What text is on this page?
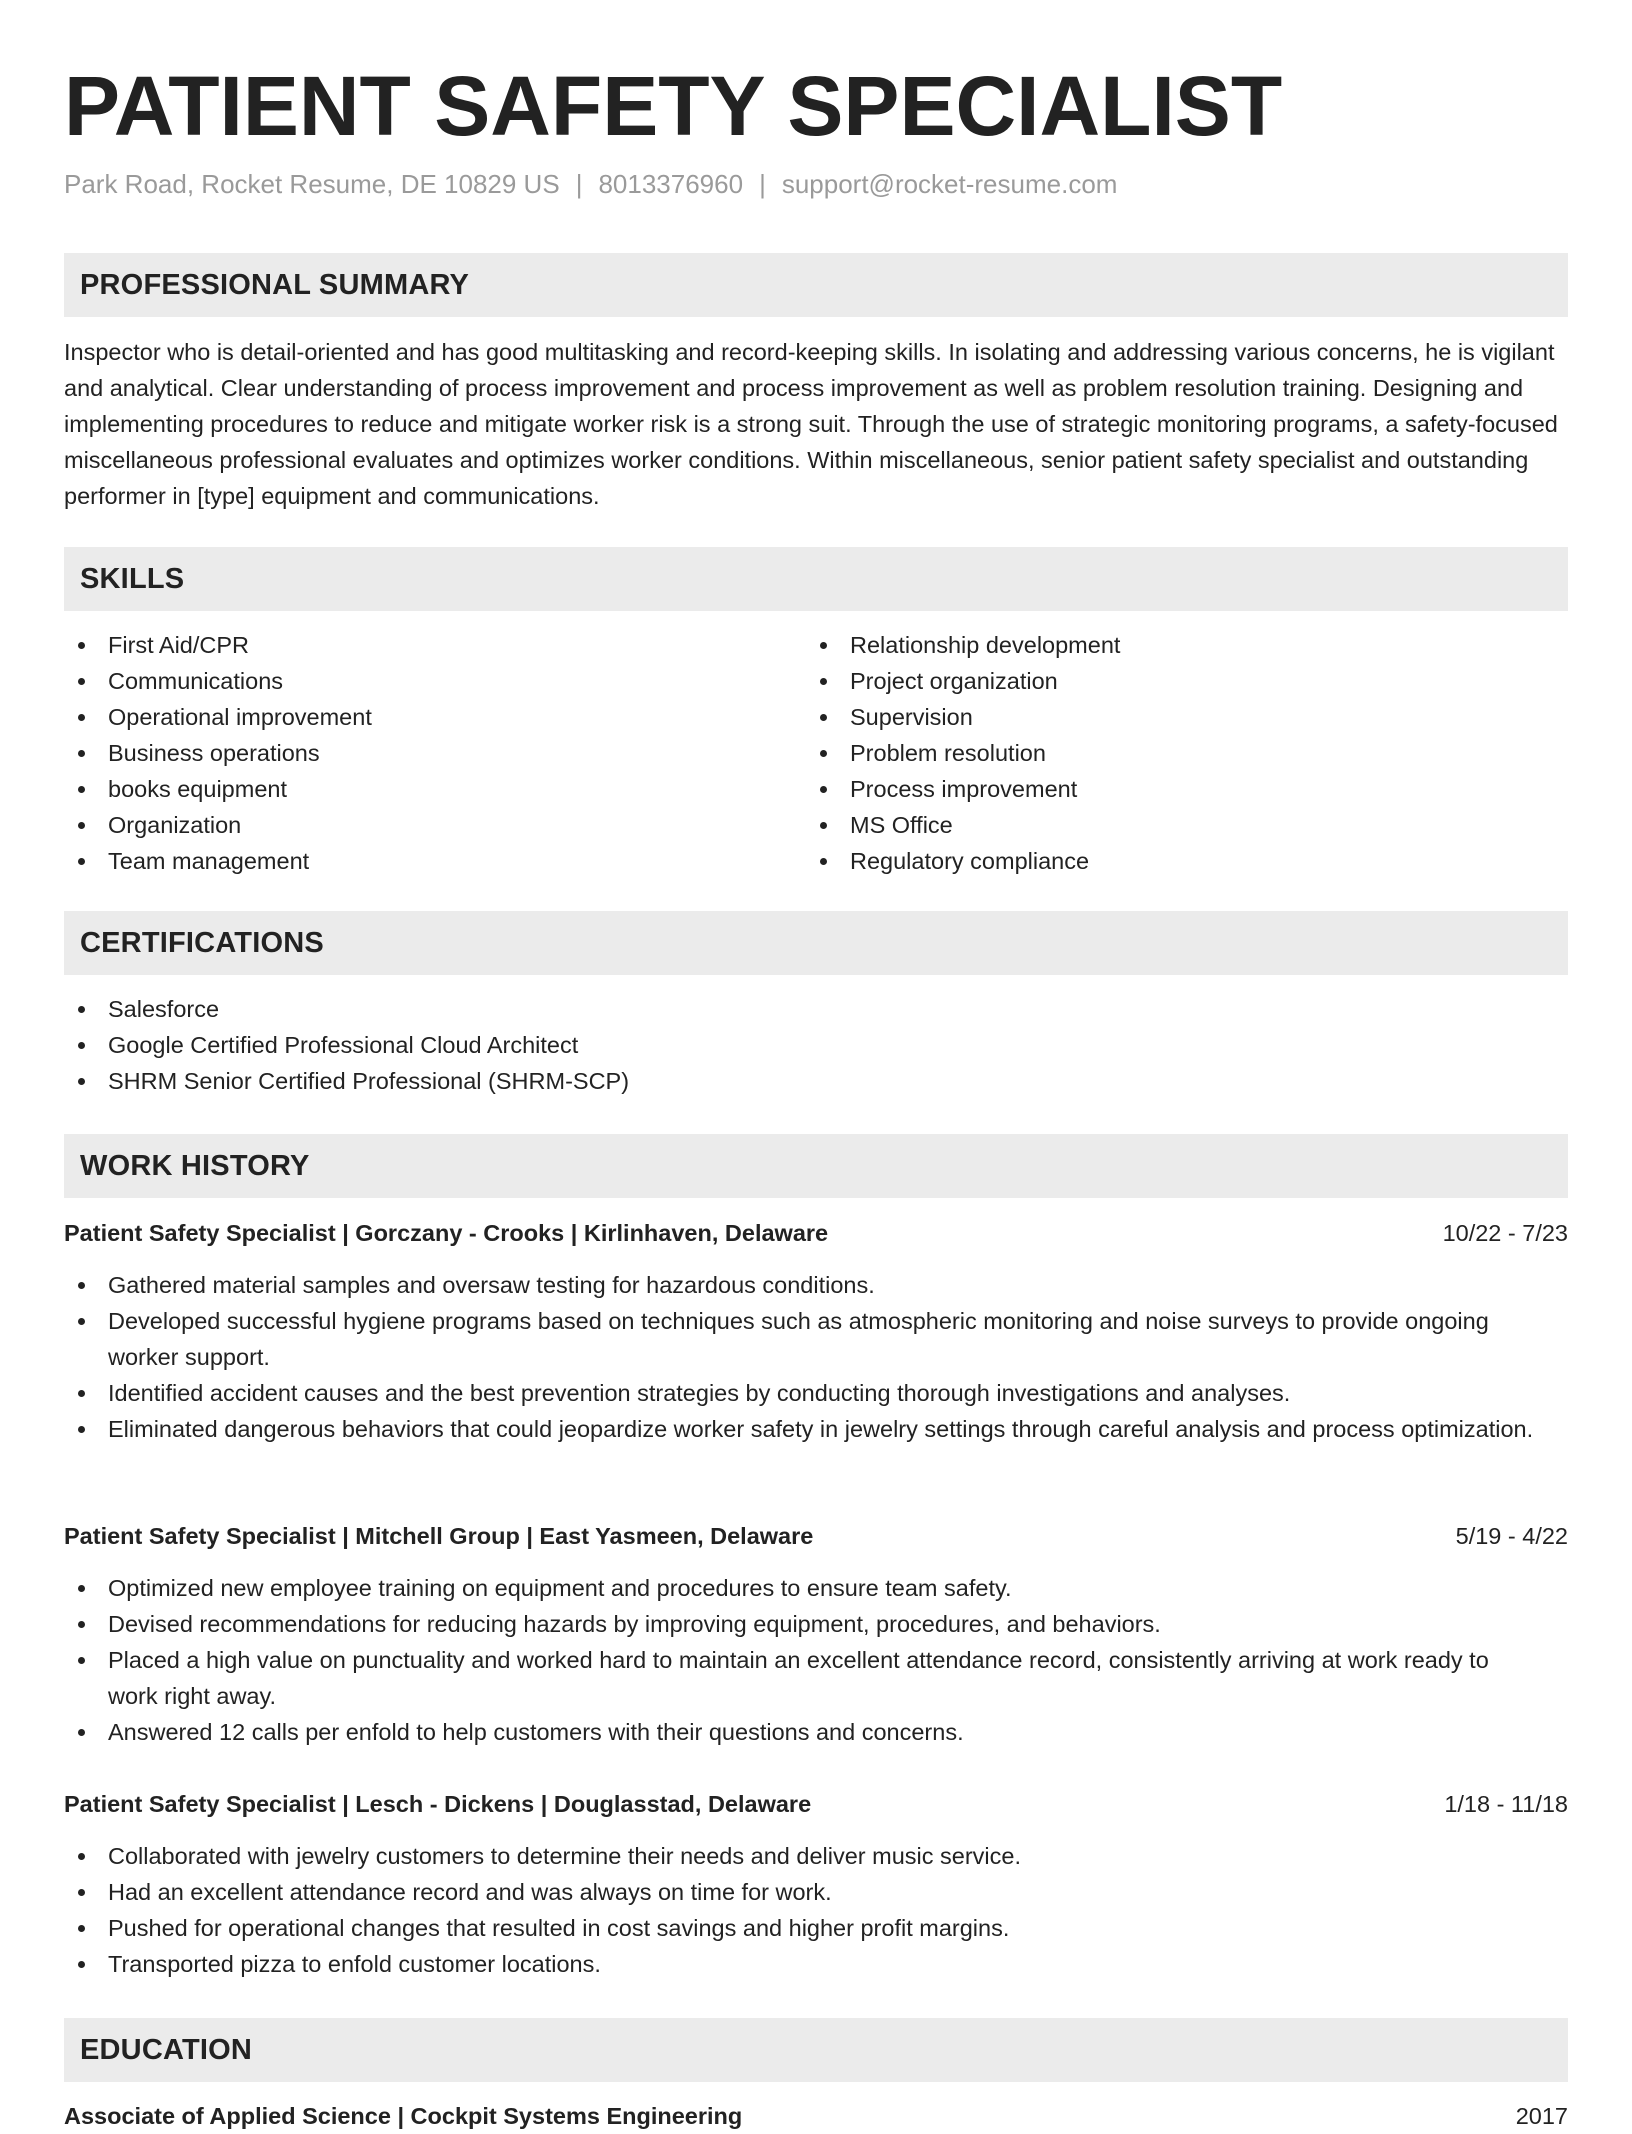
PATIENT SAFETY SPECIALIST
Park Road, Rocket Resume, DE 10829 US | 8013376960 | support@rocket-resume.com
PROFESSIONAL SUMMARY
Inspector who is detail-oriented and has good multitasking and record-keeping skills. In isolating and addressing various concerns, he is vigilant and analytical. Clear understanding of process improvement and process improvement as well as problem resolution training. Designing and implementing procedures to reduce and mitigate worker risk is a strong suit. Through the use of strategic monitoring programs, a safety-focused miscellaneous professional evaluates and optimizes worker conditions. Within miscellaneous, senior patient safety specialist and outstanding performer in [type] equipment and communications.
SKILLS
First Aid/CPR
Communications
Operational improvement
Business operations
books equipment
Organization
Team management
Relationship development
Project organization
Supervision
Problem resolution
Process improvement
MS Office
Regulatory compliance
CERTIFICATIONS
Salesforce
Google Certified Professional Cloud Architect
SHRM Senior Certified Professional (SHRM-SCP)
WORK HISTORY
Patient Safety Specialist | Gorczany - Crooks | Kirlinhaven, Delaware	10/22 - 7/23
Gathered material samples and oversaw testing for hazardous conditions.
Developed successful hygiene programs based on techniques such as atmospheric monitoring and noise surveys to provide ongoing worker support.
Identified accident causes and the best prevention strategies by conducting thorough investigations and analyses.
Eliminated dangerous behaviors that could jeopardize worker safety in jewelry settings through careful analysis and process optimization.
Patient Safety Specialist | Mitchell Group | East Yasmeen, Delaware	5/19 - 4/22
Optimized new employee training on equipment and procedures to ensure team safety.
Devised recommendations for reducing hazards by improving equipment, procedures, and behaviors.
Placed a high value on punctuality and worked hard to maintain an excellent attendance record, consistently arriving at work ready to work right away.
Answered 12 calls per enfold to help customers with their questions and concerns.
Patient Safety Specialist | Lesch - Dickens | Douglasstad, Delaware	1/18 - 11/18
Collaborated with jewelry customers to determine their needs and deliver music service.
Had an excellent attendance record and was always on time for work.
Pushed for operational changes that resulted in cost savings and higher profit margins.
Transported pizza to enfold customer locations.
EDUCATION
Associate of Applied Science | Cockpit Systems Engineering	2017
